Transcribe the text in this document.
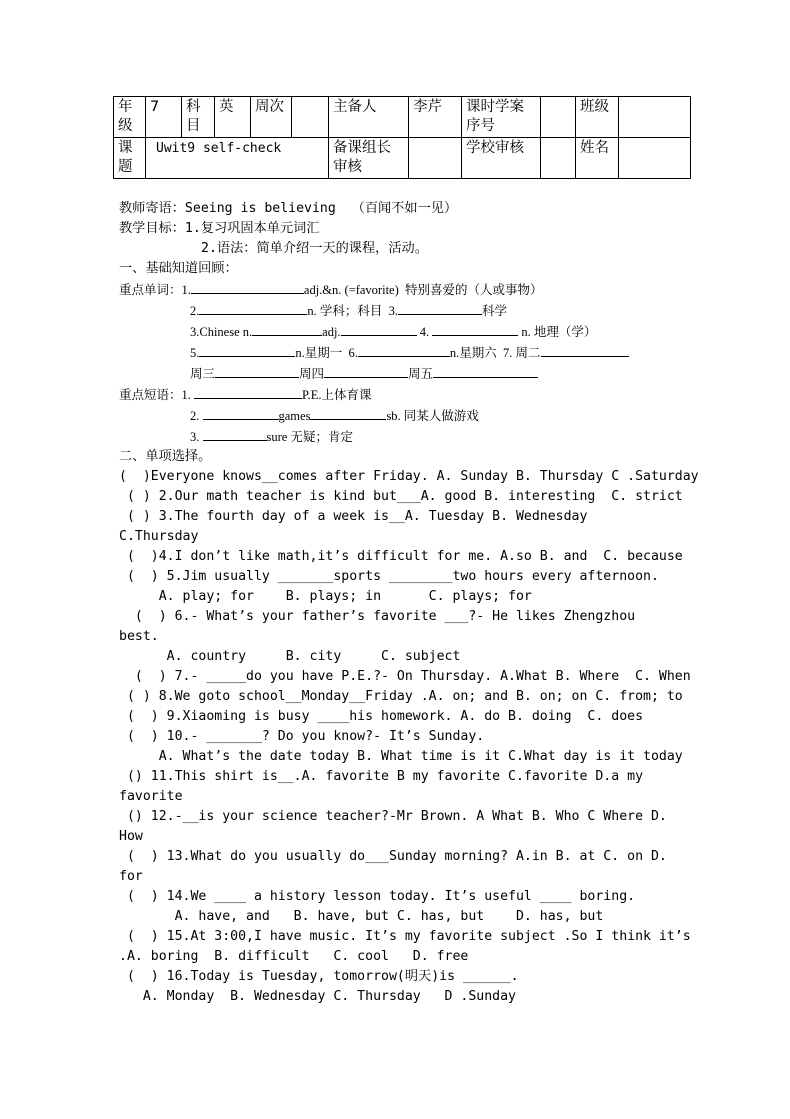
年级	7	科目	英	周次		主备人	李芹	课时学案序号		班级	
课题	Uwit9 self-check					备课组长审核		学校审核		姓名	
教师寄语：Seeing is believing  （百闻不如一见）
教学目标：1.复习巩固本单元词汇
2.语法：简单介绍一天的课程，活动。
一、基础知道回顾：
重点单词：1.	adj.&n. (=favorite)  特别喜爱的（人或事物）
2.	n. 学科；科目  3.	科学
3.Chinese n.	adj.	4.	n. 地理（学）
5.	n.星期一  6.	n.星期六  7. 周二
周三	周四	周五
重点短语：1.	P.E.上体育课
2.	games	sb. 同某人做游戏
3.	sure 无疑；肯定
二、单项选择。
(  )Everyone knows__comes after Friday. A. Sunday B. Thursday C .Saturday
( ) 2.Our math teacher is kind but___A. good B. interesting  C. strict
( ) 3.The fourth day of a week is__A. Tuesday B. Wednesday
C.Thursday
(  )4.I don’t like math,it’s difficult for me. A.so B. and  C. because
(  ) 5.Jim usually _______sports ________two hours every afternoon.
A. play; for    B. plays; in      C. plays; for
(  ) 6.- What’s your father’s favorite ___?- He likes Zhengzhou
best.
A. country     B. city     C. subject
(  ) 7.- _____do you have P.E.?- On Thursday. A.What B. Where  C. When
( ) 8.We goto school__Monday__Friday .A. on; and B. on; on C. from; to
(  ) 9.Xiaoming is busy ____his homework. A. do B. doing  C. does
(  ) 10.- _______? Do you know?- It’s Sunday.
A. What’s the date today B. What time is it C.What day is it today
() 11.This shirt is__.A. favorite B my favorite C.favorite D.a my
favorite
() 12.-__is your science teacher?-Mr Brown. A What B. Who C Where D.
How
(  ) 13.What do you usually do___Sunday morning? A.in B. at C. on D.
for
(  ) 14.We ____ a history lesson today. It’s useful ____ boring.
A. have, and   B. have, but C. has, but    D. has, but
(  ) 15.At 3:00,I have music. It’s my favorite subject .So I think it’s
.A. boring  B. difficult   C. cool   D. free
(  ) 16.Today is Tuesday, tomorrow(明天)is ______.
A. Monday  B. Wednesday C. Thursday   D .Sunday
